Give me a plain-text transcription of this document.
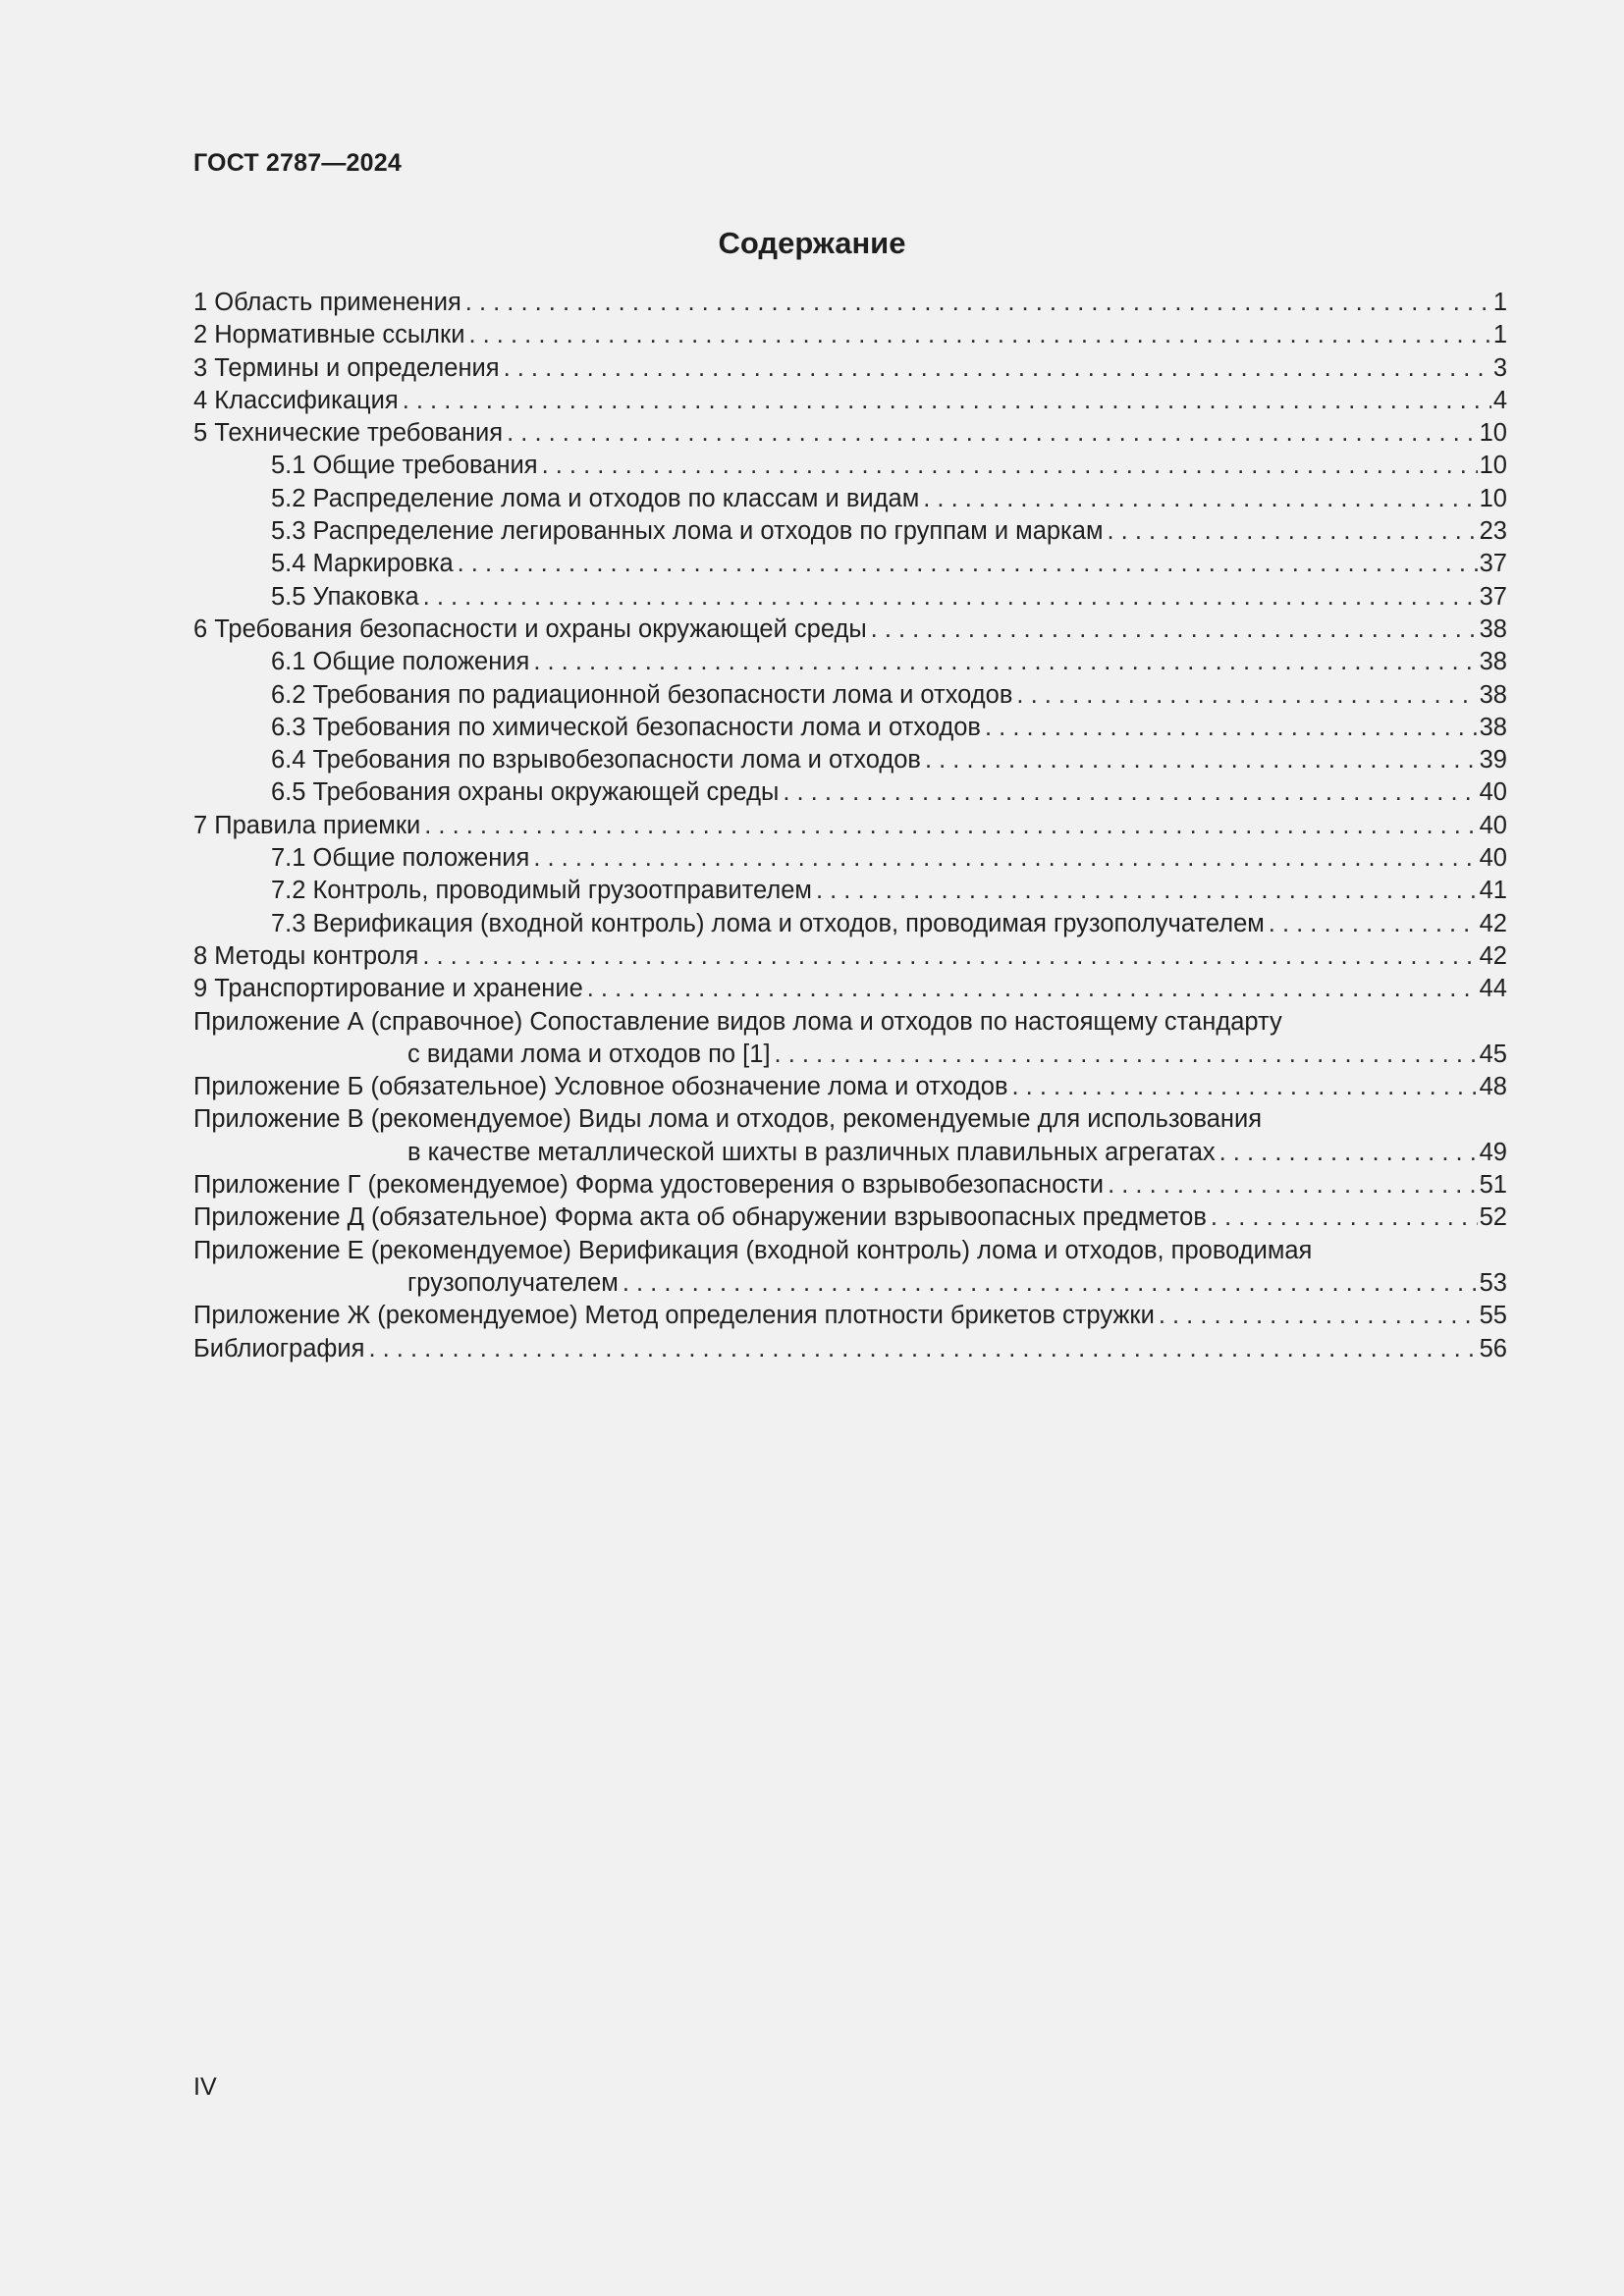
ГОСТ 2787—2024
Содержание
1 Область применения . . .	1
2 Нормативные ссылки . . .	1
3 Термины и определения . . .	3
4 Классификация . . .	4
5 Технические требования . . .	10
5.1 Общие требования . . .	10
5.2 Распределение лома и отходов по классам и видам . . .	10
5.3 Распределение легированных лома и отходов по группам и маркам . . .	23
5.4 Маркировка . . .	37
5.5 Упаковка . . .	37
6 Требования безопасности и охраны окружающей среды . . .	38
6.1 Общие положения . . .	38
6.2 Требования по радиационной безопасности лома и отходов . . .	38
6.3 Требования по химической безопасности лома и отходов . . .	38
6.4 Требования по взрывобезопасности лома и отходов . . .	39
6.5 Требования охраны окружающей среды . . .	40
7 Правила приемки . . .	40
7.1 Общие положения . . .	40
7.2 Контроль, проводимый грузоотправителем . . .	41
7.3 Верификация (входной контроль) лома и отходов, проводимая грузополучателем . . .	42
8 Методы контроля . . .	42
9 Транспортирование и хранение . . .	44
Приложение А (справочное) Сопоставление видов лома и отходов по настоящему стандарту
с видами лома и отходов по [1] . . .	45
Приложение Б (обязательное) Условное обозначение лома и отходов . . .	48
Приложение В (рекомендуемое) Виды лома и отходов, рекомендуемые для использования
в качестве металлической шихты в различных плавильных агрегатах . . .	49
Приложение Г (рекомендуемое) Форма удостоверения о взрывобезопасности . . .	51
Приложение Д (обязательное) Форма акта об обнаружении взрывоопасных предметов . . .	52
Приложение Е (рекомендуемое) Верификация (входной контроль) лома и отходов, проводимая
грузополучателем . . .	53
Приложение Ж (рекомендуемое) Метод определения плотности брикетов стружки . . .	55
Библиография . . .	56
IV
